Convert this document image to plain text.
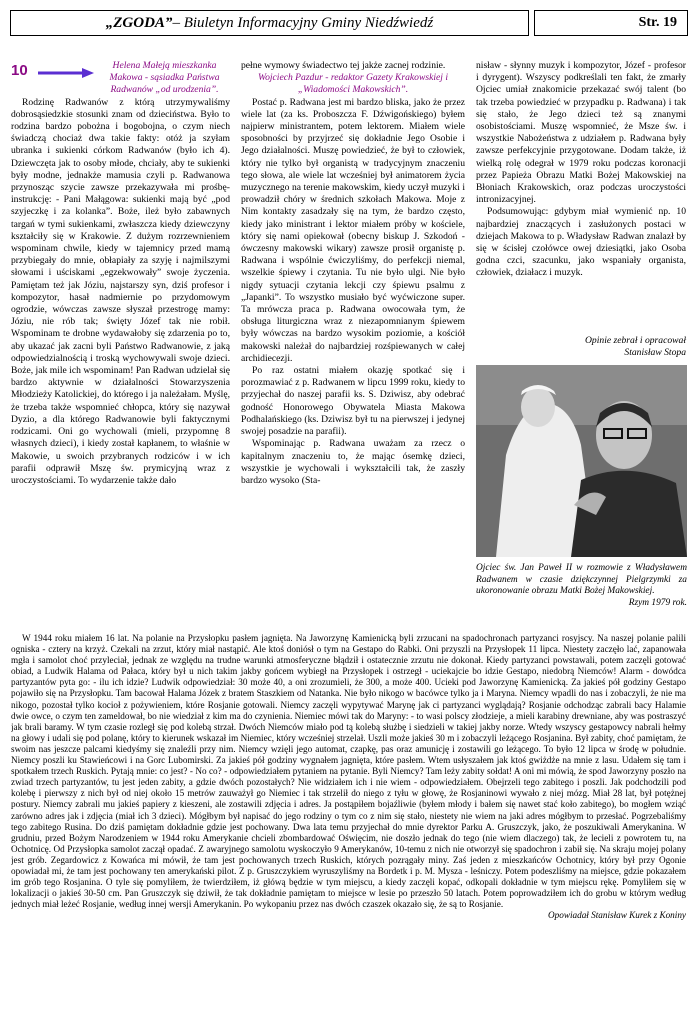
„ZGODA” – Biuletyn Informacyjny Gminy Niedźwiedź	Str. 19
10	Helena Małeją mieszkanka Makowa - sąsiadka Państwa Radwanów „od urodzenia”.

Rodzinę Radwanów z którą utrzymywaliśmy dobrosąsiedzkie stosunki znam od dzieciństwa. Było to rodzina bardzo pobożna i bogobojna, o czym niech świadczą chociaż dwa takie fakty: otóż ja szyłam ubranka i sukienki córkom Radwanów (było ich 4). Dziewczęta jak to osoby młode, chciały, aby te sukienki były modne, jednakże mamusia czyli p. Radwanowa przynosząc szycie zawsze przekazywała mi prośbę-instrukcję: - Pani Małągowa: sukienki mają być „pod szyjeczkę i za kolanka”. Boże, ileż było zabawnych targań w tymi sukienkami, zwłaszcza kiedy dziewczyny kształciły się w Krakowie. Z dużym rozrzewnieniem wspominam chwile, kiedy w tajemnicy przed mamą przybiegały do mnie, obłapiały za szyję i najmilszymi słowami i uściskami „egzekwowały” swoje życzenia. Pamiętam też jak Józiu, najstarszy syn, dziś profesor i kompozytor, hasał nadmiernie po przydomowym ogrodzie, wówczas zawsze słyszał przestrogę mamy: Józiu, nie rób tak; święty Józef tak nie robił. Wspominam te drobne wydawałoby się zdarzenia po to, aby ukazać jak zacni byli Państwo Radwanowie, z jaką odpowiedzialnością i troską wychowywali swoje dzieci. Boże, jak mile ich wspominam! Pan Radwan udzielał się bardzo aktywnie w działalności Stowarzyszenia Młodzieży Katolickiej, do którego i ja należałam. Myślę, że trzeba także wspomnieć chłopca, który się nazywał Dyzio, a dla którego Radwanowie byli faktycznymi rodzicami. Oni go wychowali (mieli, przypomnę 8 własnych dzieci), i kiedy został kapłanem, to właśnie w Makowie, u swoich przybranych rodziców i w ich parafii odprawił Mszę św. prymicyjną wraz z uroczystościami. To wydarzenie także dało

pełne wymowy świadectwo tej jakże zacnej rodzinie.

Wojciech Pazdur - redaktor Gazety Krakowskiej i „Wiadomości Makowskich”.

Postać p. Radwana jest mi bardzo bliska, jako że przez wiele lat (za ks. Proboszcza F. Dźwigońskiego) byłem najpierw ministrantem, potem lektorem. Miałem wiele sposobności by przyjrzeć się dokładnie Jego Osobie i Jego działalności. Muszę powiedzieć, że był to człowiek, który nie tylko był organistą w tradycyjnym znaczeniu tego słowa, ale wiele lat wcześniej był animatorem życia muzycznego na terenie makowskim, kiedy uczył muzyki i prowadził chóry w średnich szkołach Makowa. Moje z Nim kontakty zasadzały się na tym, że bardzo często, kiedy jako ministrant i lektor miałem próby w kościele, który się nami opiekował (obecny biskup J. Szkodoń - ówczesny makowski wikary) zawsze prosił organistę p. Radwana i wspólnie ćwiczyliśmy, do perfekcji niemal, wszelkie śpiewy i czytania. Tu nie było ulgi. Nie było nigdy sytuacji czytania lekcji czy śpiewu psalmu z „Japanki”. To wszystko musiało być wyćwiczone super. Ta mrówcza praca p. Radwana owocowała tym, że obsługa liturgiczna wraz z niezapomnianym śpiewem były wówczas na bardzo wysokim poziomie, a kościół makowski należał do najbardziej rozśpiewanych w całej archidiecezji.

Po raz ostatni miałem okazję spotkać się i porozmawiać z p. Radwanem w lipcu 1999 roku, kiedy to przyjechał do naszej parafii ks. S. Dziwisz, aby odebrać godność Honorowego Obywatela Miasta Makowa Podhalańskiego (ks. Dziwisz był tu na pierwszej i jedynej swojej posadzie na parafii).

Wspominając p. Radwana uważam za rzecz o kapitalnym znaczeniu to, że mając ósemkę dzieci, wszystkie je wychowali i wykształcili tak, że zaszły bardzo wysoko (Sta-

nisław - słynny muzyk i kompozytor, Józef - profesor i dyrygent). Wszyscy podkreślali ten fakt, że zmarły Ojciec umiał znakomicie przekazać swój talent (bo tak trzeba powiedzieć w przypadku p. Radwana) i tak się stało, że Jego dzieci też są znanymi osobistościami. Muszę wspomnieć, że Msze św. i wszystkie Nabożeństwa z udziałem p. Radwana były zawsze perfekcyjnie przygotowane. Dodam także, iż wielką rolę odegrał w 1979 roku podczas koronacji przez Papieża Obrazu Matki Bożej Makowskiej na Błoniach Krakowskich, oraz podczas uroczystości intronizacyjnej.

Podsumowując: gdybym miał wymienić np. 10 najbardziej znaczących i zasłużonych postaci w dziejach Makowa to p. Władysław Radwan znalazł by się w ścisłej czołówce owej dziesiątki, jako Osoba godna czci, szacunku, jako wspaniały organista, człowiek, działacz i muzyk.

Opinie zebrał i opracował
Stanisław Stopa
Ojciec św. Jan Paweł II w rozmowie z Władysławem Radwanem w czasie dziękczynnej Pielgrzymki za ukoronowanie obrazu Matki Bożej Makowskiej.
Rzym 1979 rok.

W 1944 roku miałem 16 lat. Na polanie na Przysłopku pasłem jagnięta. Na Jaworzynę Kamienicką byli zrzucani na spadochronach partyzanci rosyjscy. Na naszej polanie palili ogniska - cztery na krzyż. Czekali na zrzut, który miał nastąpić. Ale ktoś doniósł o tym na Gestapo do Rabki. Oni przyszli na Przysłopek 11 lipca. Niestety zaczęło lać, zapanowała mgła i samolot choć przyleciał, jednak ze względu na trudne warunki atmosferyczne błądził i ostatecznie zrzutu nie dokonał. Kiedy partyzanci powstawali, potem zaczęli gotować obiad, a Ludwik Halama od Pałaca, który był u nich takim jakby gońcem wybiegł na Przysłopek i ostrzegł - uciekajcie bo idzie Gestapo, niedobrą Niemców! Alarm - dowódca partyzantów pyta go: - ilu ich idzie? Ludwik odpowiedział: 30 może 40, a oni zrozumieli, że 300, a może 400. Ucieki pod Jaworzynę Kamienicką. Za jakieś pół godziny Gestapo pojawiło się na Przysłopku. Tam bacował Halama Józek z bratem Staszkiem od Natanka. Nie było nikogo w bacówce tylko ja i Maryna. Niemcy wpadli do nas i zobaczyli, że nie ma nikogo, pozostał tylko kocioł z pożywieniem, które Rosjanie gotowali. Niemcy zaczęli wypytywać Marynę jak ci partyzanci wyglądają? Rosjanie odchodząc zabrali bacy Halamie dwie owce, o czym ten zameldował, bo nie wiedział z kim ma do czynienia. Niemiec mówi tak do Maryny: - to wasi polscy złodzieje, a mieli karabiny drewniane, aby was postraszyć jak brali baramy. W tym czasie rozległ się pod kolebą strzał. Dwóch Niemców miało pod tą kolebą służbę i siedzieli w takiej jakby norze. Wtedy wszyscy gestapowcy nabrali hełmy na głowy i udali się pod polanę, który to kierunek wskazał im Niemiec, który wcześniej strzelał. Uszli może jakieś 30 m i zobaczyli leżącego Rosjanina. Był zabity, choć pamiętam, że swoim nas jeszcze palcami kiedyśmy się znaleźli przy nim. Niemcy wzięli jego automat, czapkę, pas oraz amunicję i zostawili go leżącego. To było 12 lipca w środę w południe. Niemcy poszli ku Stawieńcowi i na Gorc Lubomirski. Za jakieś pół godziny wygnałem jagnięta, które pasłem. Wtem usłyszałem jak ktoś gwiżdże na mnie z lasu. Udałem się tam i spotkałem trzech Ruskich. Pytają mnie: co jest? - No co? - odpowiedziałem pytaniem na pytanie. Byli Niemcy? Tam leży zabity sołdat! A oni mi mówią, że spod Jaworzyny poszło na zwiad trzech partyzantów, tu jest jeden zabity, a gdzie dwóch pozostałych? Nie widziałem ich i nie wiem - odpowiedziałem. Obejrzeli tego zabitego i poszli. Jak podchodzili pod kolebę i pierwszy z nich był od niej około 15 metrów zauważył go Niemiec i tak strzelił do niego z tyłu w głowę, że Rosjaninowi wywało z niej mózg. Miał 28 lat, był potężnej postury. Niemcy zabrali mu jakieś papiery z kieszeni, ale zostawili zdjęcia i adres. Ja postąpiłem bojaźliwie (byłem młody i bałem się nawet stać koło zabitego), bo mogłem wziąć zarówno adres jak i zdjęcia (miał ich 3 dzieci). Mógłbym był napisać do jego rodziny o tym co z nim się stało, niestety nie wiem na jaki adres mógłbym to przesłać. Pogrzebaliśmy tego zabitego Rusina. Do dziś pamiętam dokładnie gdzie jest pochowany. Dwa lata temu przyjechał do mnie dyrektor Parku A. Gruszczyk, jako, że poszukiwali Amerykanina. W grudniu, przed Bożym Narodzeniem w 1944 roku Amerykanie chcieli zbombardować Oświęcim, nie doszło jednak do tego (nie wiem dlaczego) tak, że lecieli z powrotem tu, na Ochotnicę. Od Przysłopka samolot zaczął opadać. Z awaryjnego samolotu wyskoczyło 9 Amerykanów, 10-temu z nich nie otworzył się spadochron i zabił się. Na skraju mojej polany jest grób. Zegardowicz z Kowańca mi mówił, że tam jest pochowanych trzech Ruskich, których pozrągały miny. Zaś jeden z mieszkańców Ochotnicy, który był przy Ogonie opowiadał mi, że tam jest pochowany ten amerykański pilot. Z p. Gruszczykiem wyruszyliśmy na Bordetk i p. M. Mysza - leśniczy. Potem podeszliśmy na miejsce, gdzie pokazałem im grób tego Rosjanina. O tyle się pomyliłem, że twierdziłem, iż główą będzie w tym miejscu, a kiedy zaczęli kopać, odkopali dokładnie w tym miejscu rękę. Pomyliłem się w lokalizacji o jakieś 30-50 cm. Pan Gruszczyk się dziwił, że tak dokładnie pamiętam to miejsce w lesie po przeszło 50 latach. Potem poprowadziłem ich do grobu w którym według jednych miał leżeć Rosjanie, według innej wersji Amerykanin. Po wykopaniu przez nas dwóch czaszek okazało się, że są to Rosjanie.

Opowiadał Stanisław Kurek z Koniny
